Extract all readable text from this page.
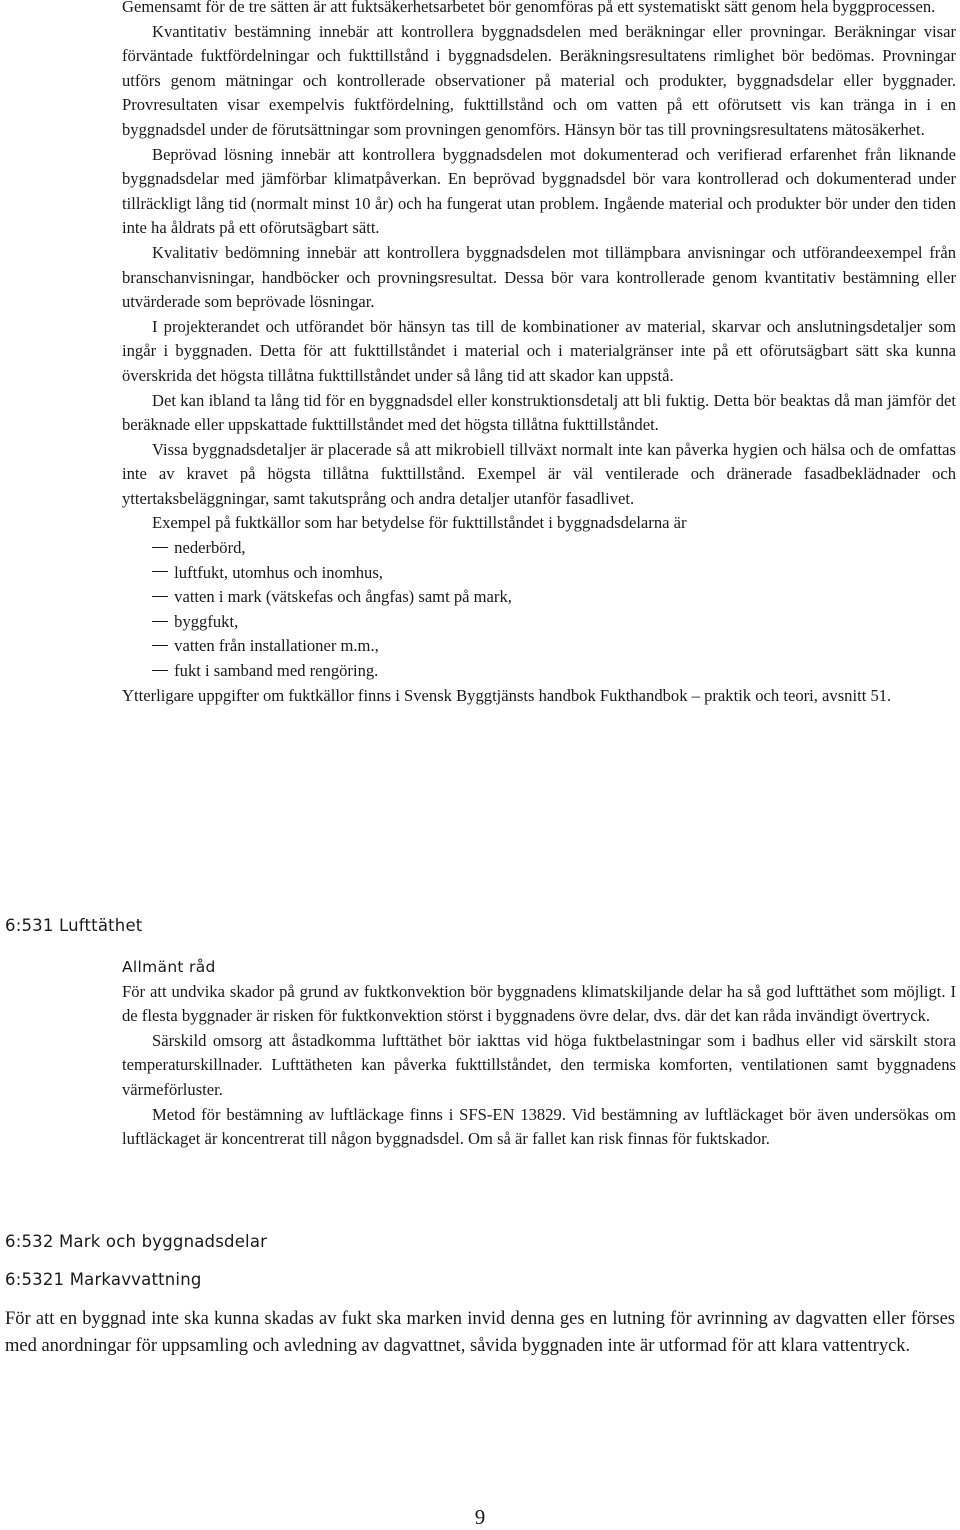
Gemensamt för de tre sätten är att fuktsäkerhetsarbetet bör genomföras på ett systematiskt sätt genom hela byggprocessen.

Kvantitativ bestämning innebär att kontrollera byggnadsdelen med beräkningar eller provningar. Beräkningar visar förväntade fuktfördelningar och fukttillstånd i byggnadsdelen. Beräkningsresultatens rimlighet bör bedömas. Provningar utförs genom mätningar och kontrollerade observationer på material och produkter, byggnadsdelar eller byggnader. Provresultaten visar exempelvis fuktfördelning, fukttillstånd och om vatten på ett oförutsett vis kan tränga in i en byggnadsdel under de förutsättningar som provningen genomförs. Hänsyn bör tas till provningsresultatens mätosäkerhet.

Beprövad lösning innebär att kontrollera byggnadsdelen mot dokumenterad och verifierad erfarenhet från liknande byggnadsdelar med jämförbar klimatpåverkan. En beprövad byggnadsdel bör vara kontrollerad och dokumenterad under tillräckligt lång tid (normalt minst 10 år) och ha fungerat utan problem. Ingående material och produkter bör under den tiden inte ha åldrats på ett oförutsägbart sätt.

Kvalitativ bedömning innebär att kontrollera byggnadsdelen mot tillämpbara anvisningar och utförandeexempel från branschanvisningar, handböcker och provningsresultat. Dessa bör vara kontrollerade genom kvantitativ bestämning eller utvärderade som beprövade lösningar.

I projekterandet och utförandet bör hänsyn tas till de kombinationer av material, skarvar och anslutningsdetaljer som ingår i byggnaden. Detta för att fukttillståndet i material och i materialgränser inte på ett oförutsägbart sätt ska kunna överskrida det högsta tillåtna fukttillståndet under så lång tid att skador kan uppstå.

Det kan ibland ta lång tid för en byggnadsdel eller konstruktionsdetalj att bli fuktig. Detta bör beaktas då man jämför det beräknade eller uppskattade fukttillståndet med det högsta tillåtna fukttillståndet.

Vissa byggnadsdetaljer är placerade så att mikrobiell tillväxt normalt inte kan påverka hygien och hälsa och de omfattas inte av kravet på högsta tillåtna fukttillstånd. Exempel är väl ventilerade och dränerade fasadbeklädnader och yttertaksbeläggningar, samt takutsprång och andra detaljer utanför fasadlivet.

Exempel på fuktkällor som har betydelse för fukttillståndet i byggnadsdelarna är

nederbörd,
luftfukt, utomhus och inomhus,
vatten i mark (vätskefas och ångfas) samt på mark,
byggfukt,
vatten från installationer m.m.,
fukt i samband med rengöring.

Ytterligare uppgifter om fuktkällor finns i Svensk Byggtjänsts handbok Fukthandbok – praktik och teori, avsnitt 51.

6:531 Lufttäthet
Allmänt råd

För att undvika skador på grund av fuktkonvektion bör byggnadens klimatskiljande delar ha så god lufttäthet som möjligt. I de flesta byggnader är risken för fuktkonvektion störst i byggnadens övre delar, dvs. där det kan råda invändigt övertryck.

Särskild omsorg att åstadkomma lufttäthet bör iakttas vid höga fuktbelastningar som i badhus eller vid särskilt stora temperaturskillnader. Lufttätheten kan påverka fukttillståndet, den termiska komforten, ventilationen samt byggnadens värmeförluster.

Metod för bestämning av luftläckage finns i SFS-EN 13829. Vid bestämning av luftläckaget bör även undersökas om luftläckaget är koncentrerat till någon byggnadsdel. Om så är fallet kan risk finnas för fuktskador.

6:532 Mark och byggnadsdelar
6:5321 Markavvattning

För att en byggnad inte ska kunna skadas av fukt ska marken invid denna ges en lutning för avrinning av dagvatten eller förses med anordningar för uppsamling och avledning av dagvattnet, såvida byggnaden inte är utformad för att klara vattentryck.

9
